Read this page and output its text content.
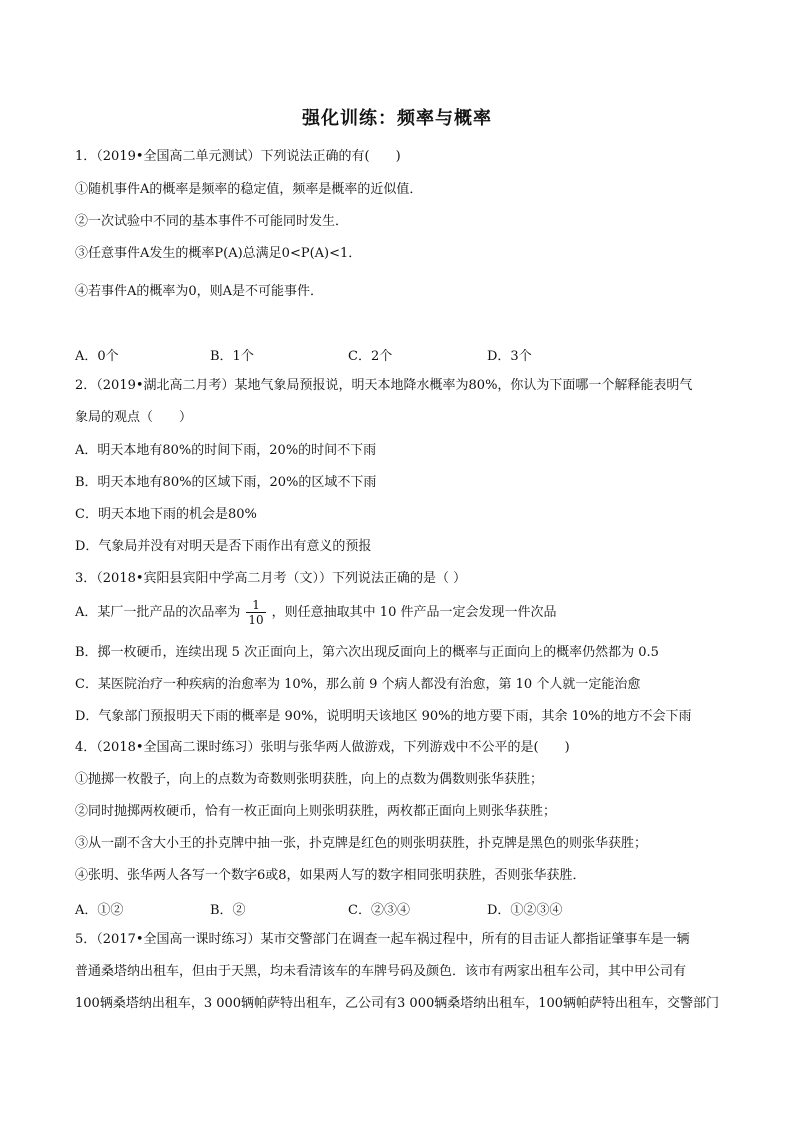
强化训练：频率与概率
1．（2019•全国高二单元测试）下列说法正确的有(　　)
①随机事件A的概率是频率的稳定值，频率是概率的近似值．
②一次试验中不同的基本事件不可能同时发生．
③任意事件A发生的概率P(A)总满足0<P(A)<1．
④若事件A的概率为0，则A是不可能事件．
A．0个	B．1个	C．2个	D．3个
2．（2019•湖北高二月考）某地气象局预报说，明天本地降水概率为80%，你认为下面哪一个解释能表明气
象局的观点（　　）
A．明天本地有80%的时间下雨，20%的时间不下雨
B．明天本地有80%的区域下雨，20%的区域不下雨
C．明天本地下雨的机会是80%
D．气象局并没有对明天是否下雨作出有意义的预报
3．（2018•宾阳县宾阳中学高二月考（文））下列说法正确的是（ ）
A．某厂一批产品的次品率为 $\frac{1}{10}$ ，则任意抽取其中 10 件产品一定会发现一件次品
B．掷一枚硬币，连续出现 5 次正面向上，第六次出现反面向上的概率与正面向上的概率仍然都为 0.5
C．某医院治疗一种疾病的治愈率为 10%，那么前 9 个病人都没有治愈，第 10 个人就一定能治愈
D．气象部门预报明天下雨的概率是 90%，说明明天该地区 90%的地方要下雨，其余 10%的地方不会下雨
4．（2018•全国高二课时练习）张明与张华两人做游戏，下列游戏中不公平的是(　　)
①抛掷一枚骰子，向上的点数为奇数则张明获胜，向上的点数为偶数则张华获胜；
②同时抛掷两枚硬币，恰有一枚正面向上则张明获胜，两枚都正面向上则张华获胜；
③从一副不含大小王的扑克牌中抽一张，扑克牌是红色的则张明获胜，扑克牌是黑色的则张华获胜；
④张明、张华两人各写一个数字6或8，如果两人写的数字相同张明获胜，否则张华获胜．
A．①②	B．②	C．②③④	D．①②③④
5．（2017•全国高一课时练习）某市交警部门在调查一起车祸过程中，所有的目击证人都指证肇事车是一辆
普通桑塔纳出租车，但由于天黑，均未看清该车的车牌号码及颜色．该市有两家出租车公司，其中甲公司有
100辆桑塔纳出租车，3 000辆帕萨特出租车，乙公司有3 000辆桑塔纳出租车，100辆帕萨特出租车，交警部门
